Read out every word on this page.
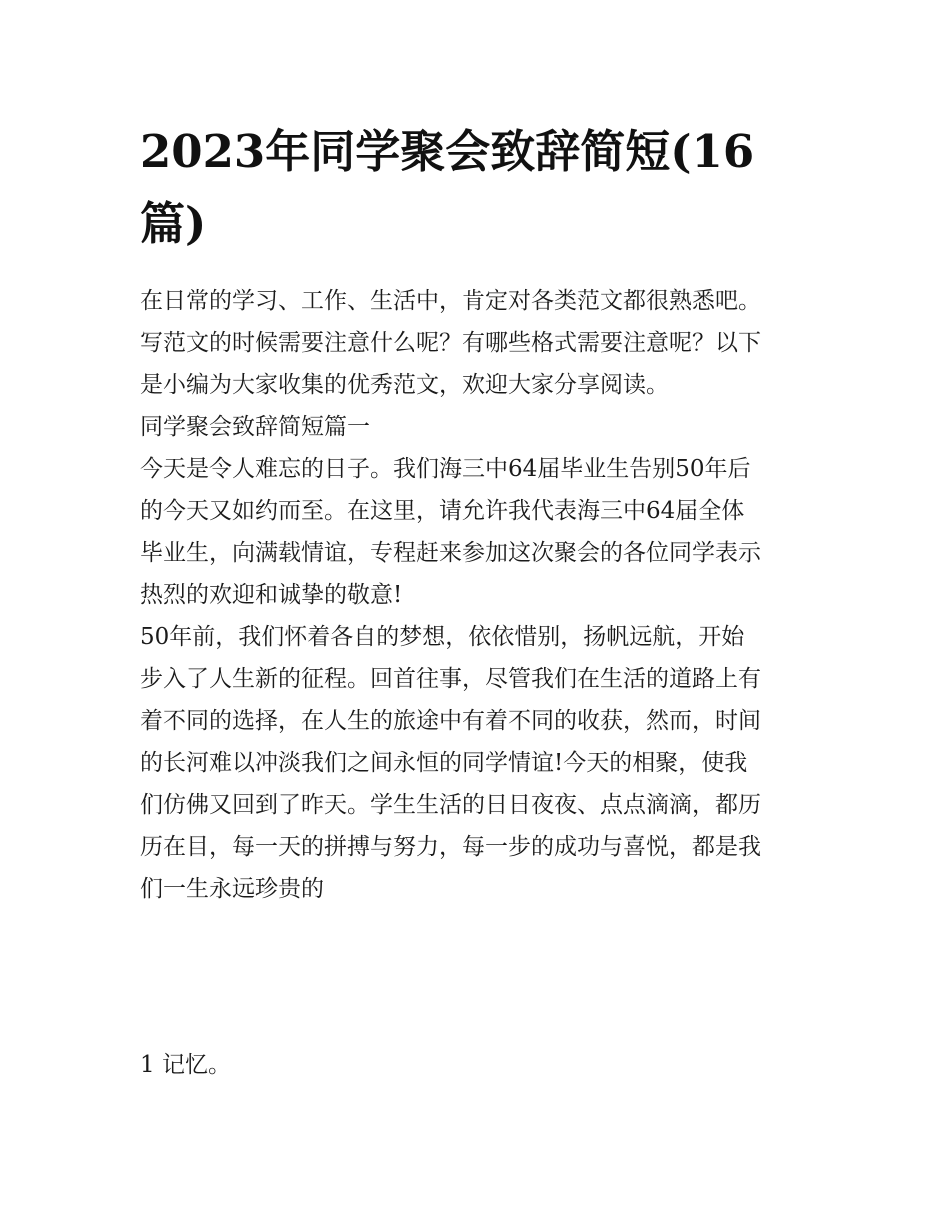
2023年同学聚会致辞简短(16
篇)
在日常的学习、工作、生活中，肯定对各类范文都很熟悉吧。
写范文的时候需要注意什么呢？有哪些格式需要注意呢？以下
是小编为大家收集的优秀范文，欢迎大家分享阅读。
同学聚会致辞简短篇一
今天是令人难忘的日子。我们海三中64届毕业生告别50年后
的今天又如约而至。在这里，请允许我代表海三中64届全体
毕业生，向满载情谊，专程赶来参加这次聚会的各位同学表示
热烈的欢迎和诚挚的敬意!
50年前，我们怀着各自的梦想，依依惜别，扬帆远航，开始
步入了人生新的征程。回首往事，尽管我们在生活的道路上有
着不同的选择，在人生的旅途中有着不同的收获，然而，时间
的长河难以冲淡我们之间永恒的同学情谊!今天的相聚，使我
们仿佛又回到了昨天。学生生活的日日夜夜、点点滴滴，都历
历在目，每一天的拼搏与努力，每一步的成功与喜悦，都是我
们一生永远珍贵的
1 记忆。
